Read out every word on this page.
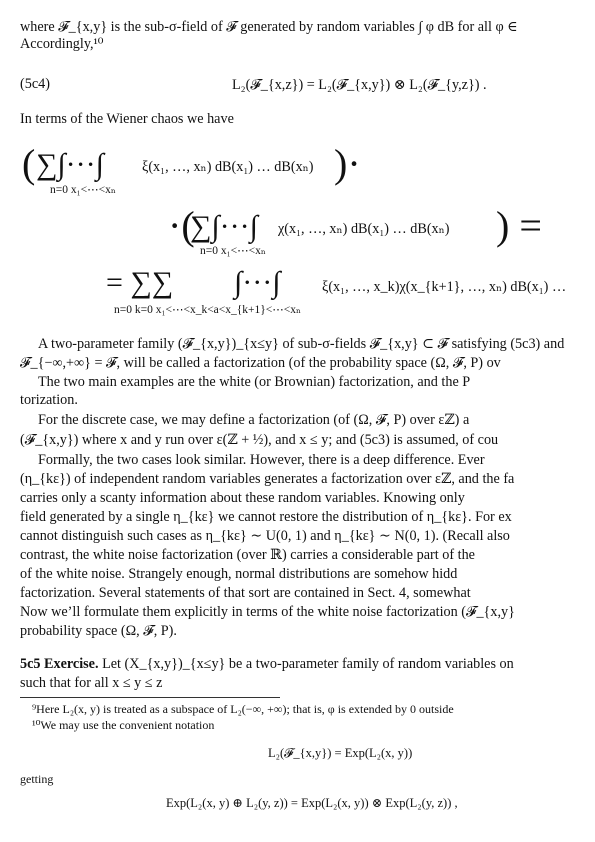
where 𝓕_{x,y} is the sub-σ-field of 𝓕 generated by random variables ∫ φ dB for all φ ∈
Accordingly,¹⁰
(5c4)	L₂(𝓕_{x,z}) = L₂(𝓕_{x,y}) ⊗ L₂(𝓕_{y,z}) .
In terms of the Wiener chaos we have
( ∑∫···∫	ξ(x₁, …, xₙ) dB(x₁) … dB(xₙ) )·
n=0 x₁<⋯<xₙ
·(
∑∫···∫ χ(x₁, …, xₙ) dB(x₁) … dB(xₙ) ) =
n=0 x₁<⋯<xₙ
= ∑∑ ∫···∫	ξ(x₁, …, x_k)χ(x_{k+1}, …, xₙ) dB(x₁) …
n=0 k=0 x₁<⋯<x_k<a<x_{k+1}<⋯<xₙ
A two-parameter family (𝓕_{x,y})_{x≤y} of sub-σ-fields 𝓕_{x,y} ⊂ 𝓕 satisfying (5c3) and
𝓕_{−∞,+∞} = 𝓕, will be called a factorization (of the probability space (Ω, 𝓕, P) ov
The two main examples are the white (or Brownian) factorization, and the P
torization.
For the discrete case, we may define a factorization (of (Ω, 𝓕, P) over εℤ) a
(𝓕_{x,y}) where x and y run over ε(ℤ + ½), and x ≤ y; and (5c3) is assumed, of cou
Formally, the two cases look similar. However, there is a deep difference. Ever
(η_{kε}) of independent random variables generates a factorization over εℤ, and the fa
carries only a scanty information about these random variables. Knowing only
field generated by a single η_{kε} we cannot restore the distribution of η_{kε}. For ex
cannot distinguish such cases as η_{kε} ∼ U(0, 1) and η_{kε} ∼ N(0, 1). (Recall also
contrast, the white noise factorization (over ℝ) carries a considerable part of the
of the white noise. Strangely enough, normal distributions are somehow hidd
factorization. Several statements of that sort are contained in Sect. 4, somewhat
Now we’ll formulate them explicitly in terms of the white noise factorization (𝓕_{x,y}
probability space (Ω, 𝓕, P).
5c5 Exercise. Let (X_{x,y})_{x≤y} be a two-parameter family of random variables on
such that for all x ≤ y ≤ z
⁹Here L₂(x, y) is treated as a subspace of L₂(−∞, +∞); that is, φ is extended by 0 outside
¹⁰We may use the convenient notation
L₂(𝓕_{x,y}) = Exp(L₂(x, y))
getting
Exp(L₂(x, y) ⊕ L₂(y, z)) = Exp(L₂(x, y)) ⊗ Exp(L₂(y, z)) ,
